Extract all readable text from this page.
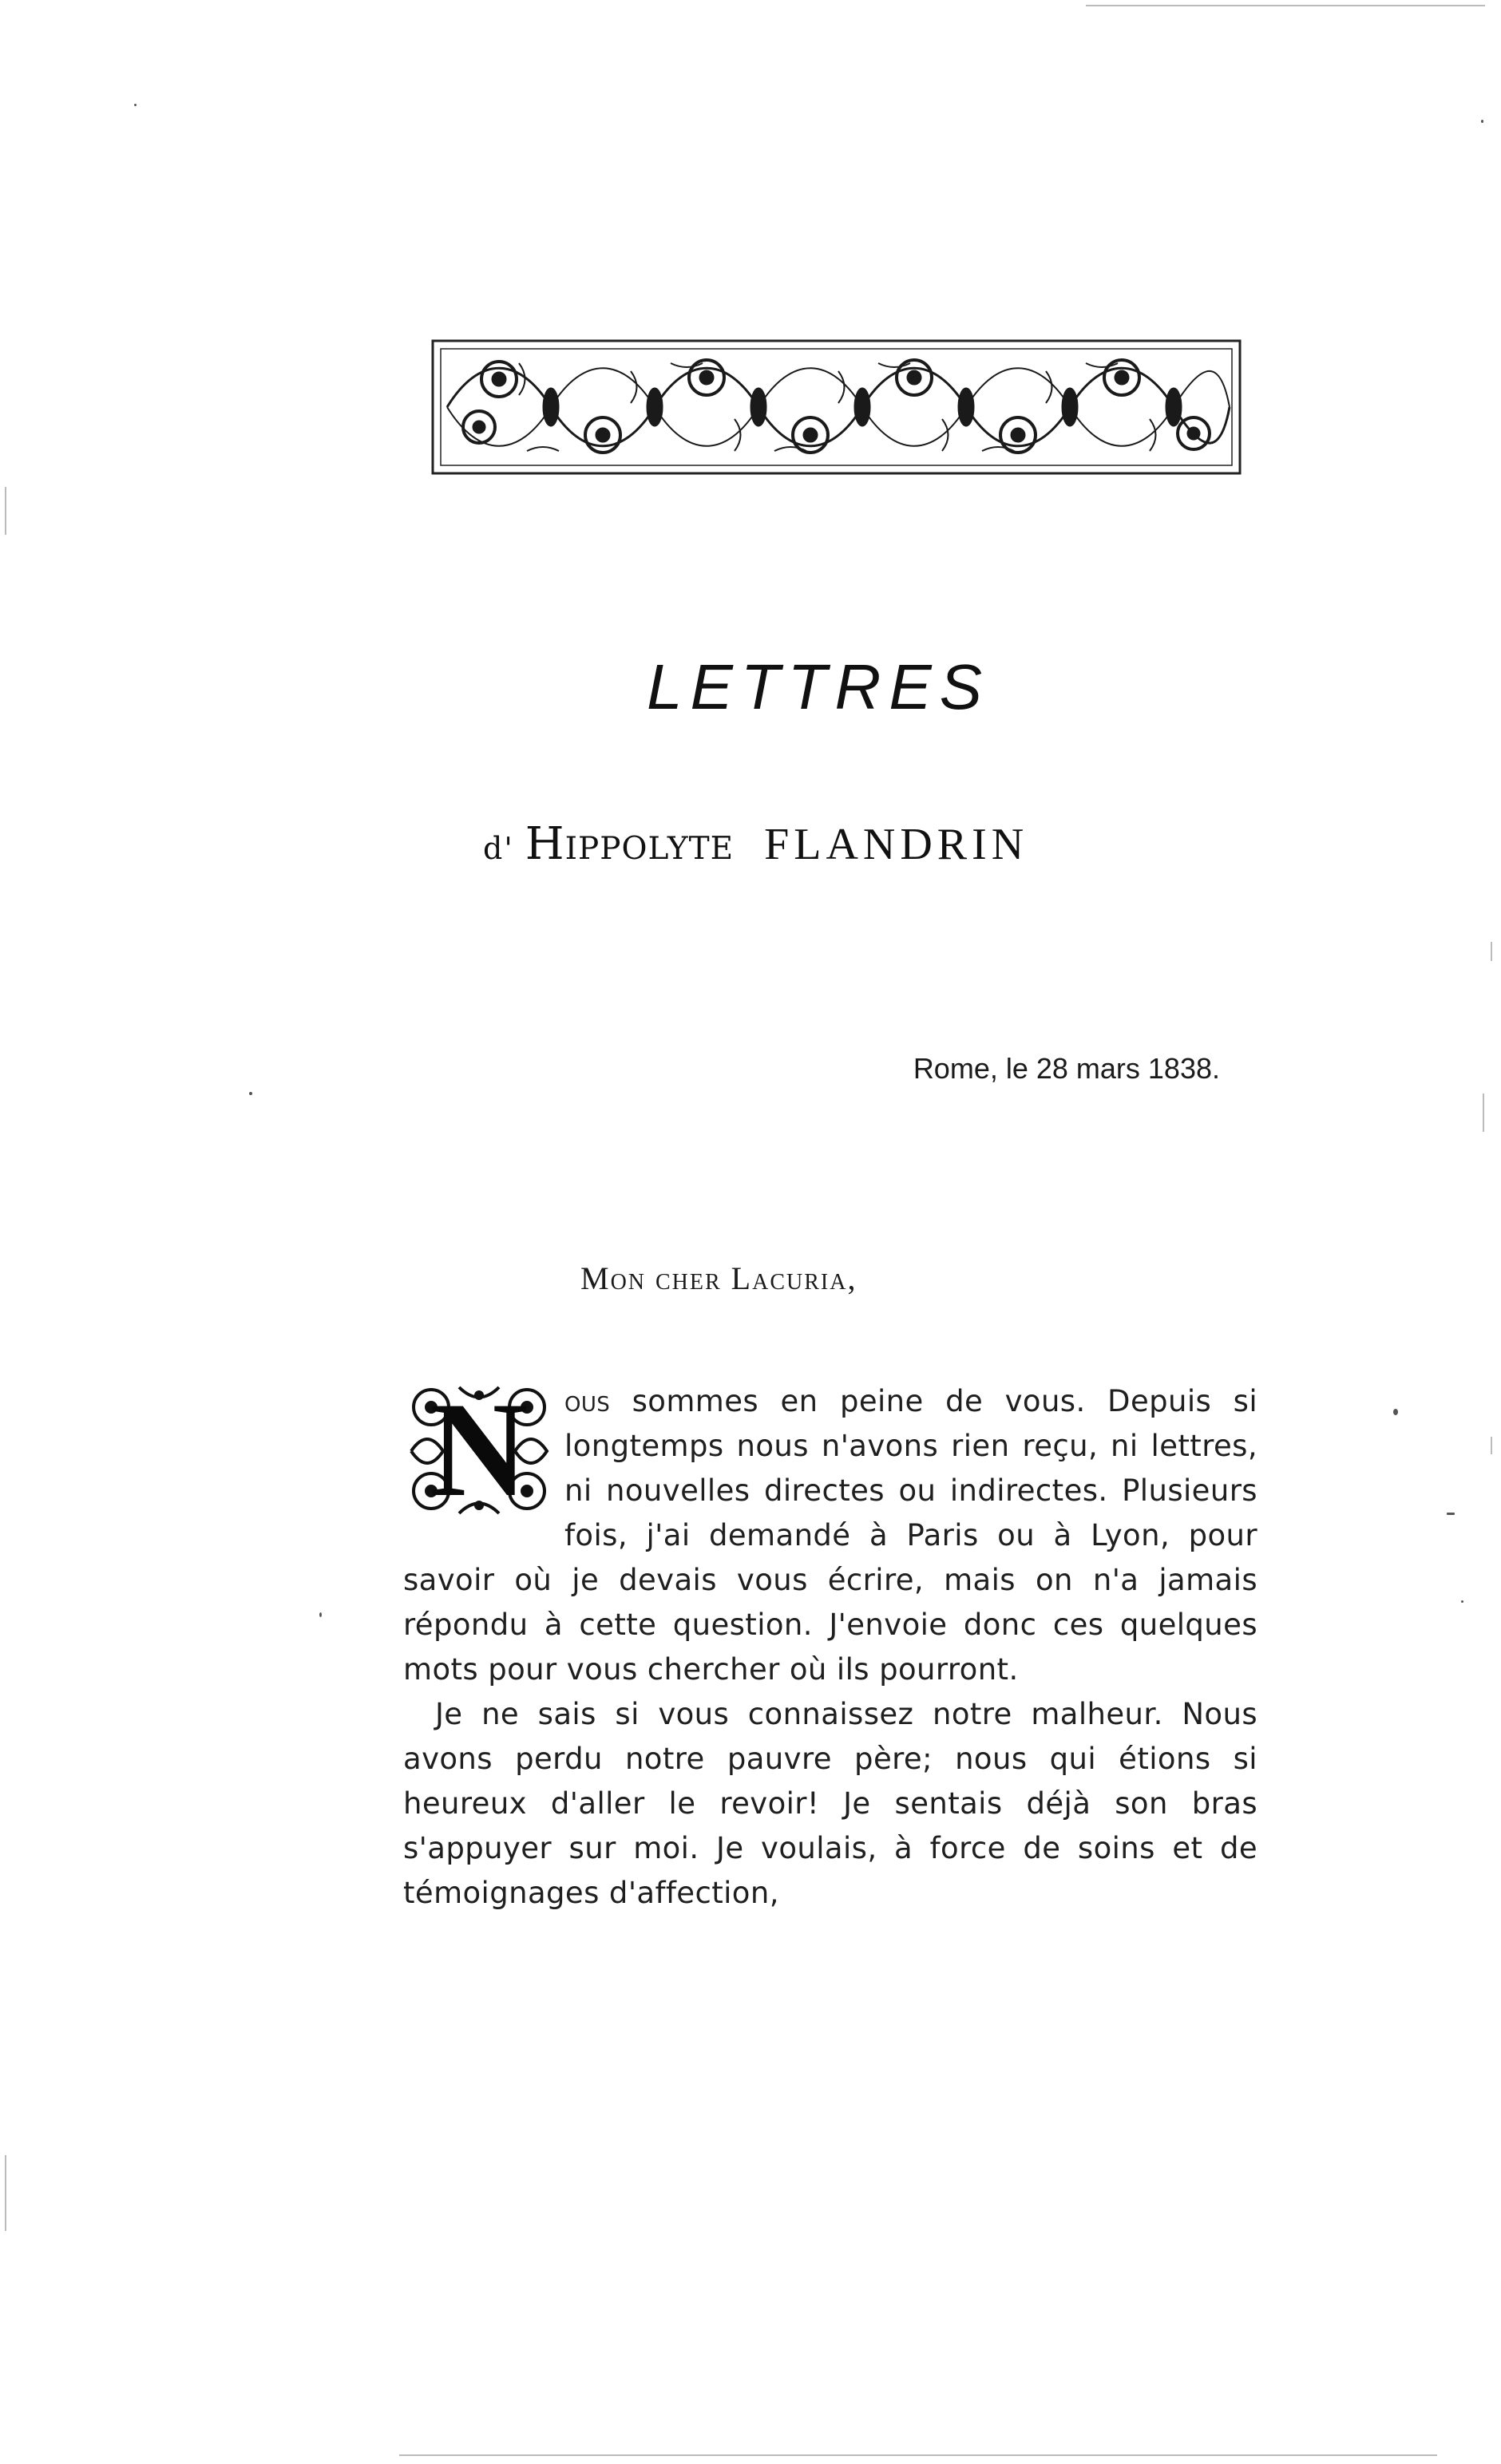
LETTRES
d' Hippolyte FLANDRIN
Rome, le 28 mars 1838.
Mon cher Lacuria,

N	ous sommes en peine de vous. Depuis si longtemps nous n'avons rien reçu, ni lettres, ni nouvelles directes ou indirectes. Plusieurs fois, j'ai demandé à Paris ou à Lyon, pour savoir où je devais vous écrire, mais on n'a jamais répondu à cette question. J'envoie donc ces quelques mots pour vous chercher où ils pourront.

Je ne sais si vous connaissez notre malheur. Nous avons perdu notre pauvre père; nous qui étions si heureux d'aller le revoir! Je sentais déjà son bras s'appuyer sur moi. Je voulais, à force de soins et de témoignages d'affection,
